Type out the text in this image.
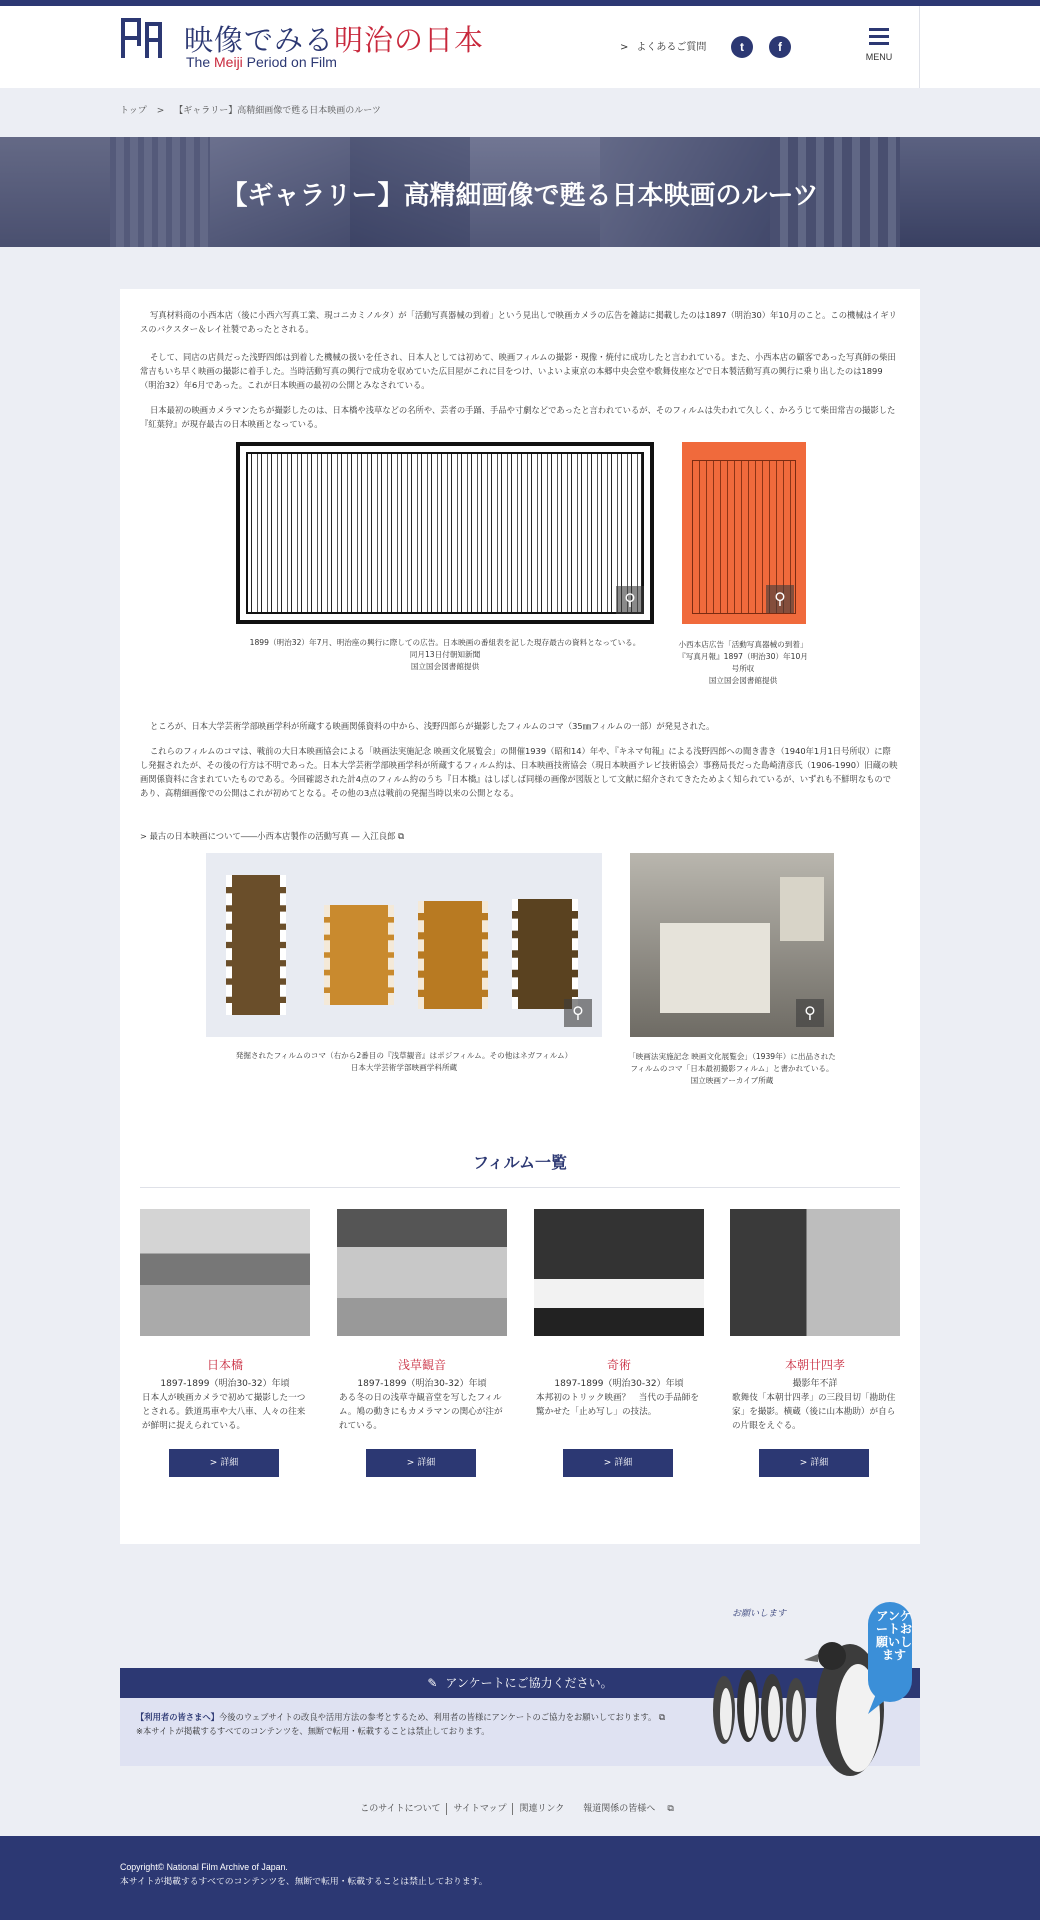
映像でみる明治の日本
The Meiji Period on Film
> よくあるご質問	t	f
MENU
トップ > 【ギャラリー】高精細画像で甦る日本映画のルーツ
【ギャラリー】高精細画像で甦る日本映画のルーツ

写真材料商の小西本店（後に小西六写真工業、現コニカミノルタ）が「活動写真器械の到着」という見出しで映画カメラの広告を雑誌に掲載したのは1897（明治30）年10月のこと。この機械はイギリスのバクスター＆レイ社製であったとされる。

そして、同店の店員だった浅野四郎は到着した機械の扱いを任され、日本人としては初めて、映画フィルムの撮影・現像・焼付に成功したと言われている。また、小西本店の顧客であった写真師の柴田常吉もいち早く映画の撮影に着手した。当時活動写真の興行で成功を収めていた広目屋がこれに目をつけ、いよいよ東京の本郷中央会堂や歌舞伎座などで日本製活動写真の興行に乗り出したのは1899（明治32）年6月であった。これが日本映画の最初の公開とみなされている。

日本最初の映画カメラマンたちが撮影したのは、日本橋や浅草などの名所や、芸者の手踊、手品や寸劇などであったと言われているが、そのフィルムは失われて久しく、かろうじて柴田常吉の撮影した『紅葉狩』が現存最古の日本映画となっている。

⚲
1899（明治32）年7月、明治座の興行に際しての広告。日本映画の番組表を記した現存最古の資料となっている。
同月13日付朝知新聞
国立国会図書館提供
⚲
小西本店広告「活動写真器械の到着」『写真月報』1897（明治30）年10月号所収
国立国会図書館提供

ところが、日本大学芸術学部映画学科が所蔵する映画関係資料の中から、浅野四郎らが撮影したフィルムのコマ（35㎜フィルムの一部）が発見された。

これらのフィルムのコマは、戦前の大日本映画協会による「映画法実施記念 映画文化展覧会」の開催1939（昭和14）年や、『キネマ旬報』による浅野四郎への聞き書き（1940年1月1日号所収）に際し発掘されたが、その後の行方は不明であった。日本大学芸術学部映画学科が所蔵するフィルム約は、日本映画技術協会（現日本映画テレビ技術協会）事務局長だった島崎清彦氏（1906-1990）旧蔵の映画関係資料に含まれていたものである。今回確認された計4点のフィルム約のうち『日本橋』はしばしば同様の画像が図版として文献に紹介されてきたためよく知られているが、いずれも不鮮明なものであり、高精細画像での公開はこれが初めてとなる。その他の3点は戦前の発掘当時以来の公開となる。

> 最古の日本映画について――小西本店製作の活動写真 ― 入江良郎 ⧉
⚲
発掘されたフィルムのコマ（右から2番目の『浅草観音』はポジフィルム。その他はネガフィルム）
日本大学芸術学部映画学科所蔵
⚲
「映画法実施記念 映画文化展覧会」（1939年）に出品されたフィルムのコマ「日本最初撮影フィルム」と書かれている。
国立映画アーカイブ所蔵
フィルム一覧
日本橋
1897-1899（明治30-32）年頃
日本人が映画カメラで初めて撮影した一つとされる。鉄道馬車や大八車、人々の往来が鮮明に捉えられている。
> 詳細
浅草観音
1897-1899（明治30-32）年頃
ある冬の日の浅草寺観音堂を写したフィルム。鳩の動きにもカメラマンの関心が注がれている。
> 詳細
奇術
1897-1899（明治30-32）年頃
本邦初のトリック映画？　当代の手品師を驚かせた「止め写し」の技法。
> 詳細
本朝廿四孝
撮影年不詳
歌舞伎「本朝廿四孝」の三段目切「勘助住家」を撮影。横蔵（後に山本勘助）が自らの片眼をえぐる。
> 詳細
✎ アンケートにご協力ください。
【利用者の皆さまへ】今後のウェブサイトの改良や活用方法の参考とするため、利用者の皆様にアンケートのご協力をお願いしております。 ⧉
※本サイトが掲載するすべてのコンテンツを、無断で転用・転載することは禁止しております。
アンケートお願いします
お願いします
このサイトについて サイトマップ 関連リンク 報道関係の皆様へ⧉
Copyright© National Film Archive of Japan.
本サイトが掲載するすべてのコンテンツを、無断で転用・転載することは禁止しております。
